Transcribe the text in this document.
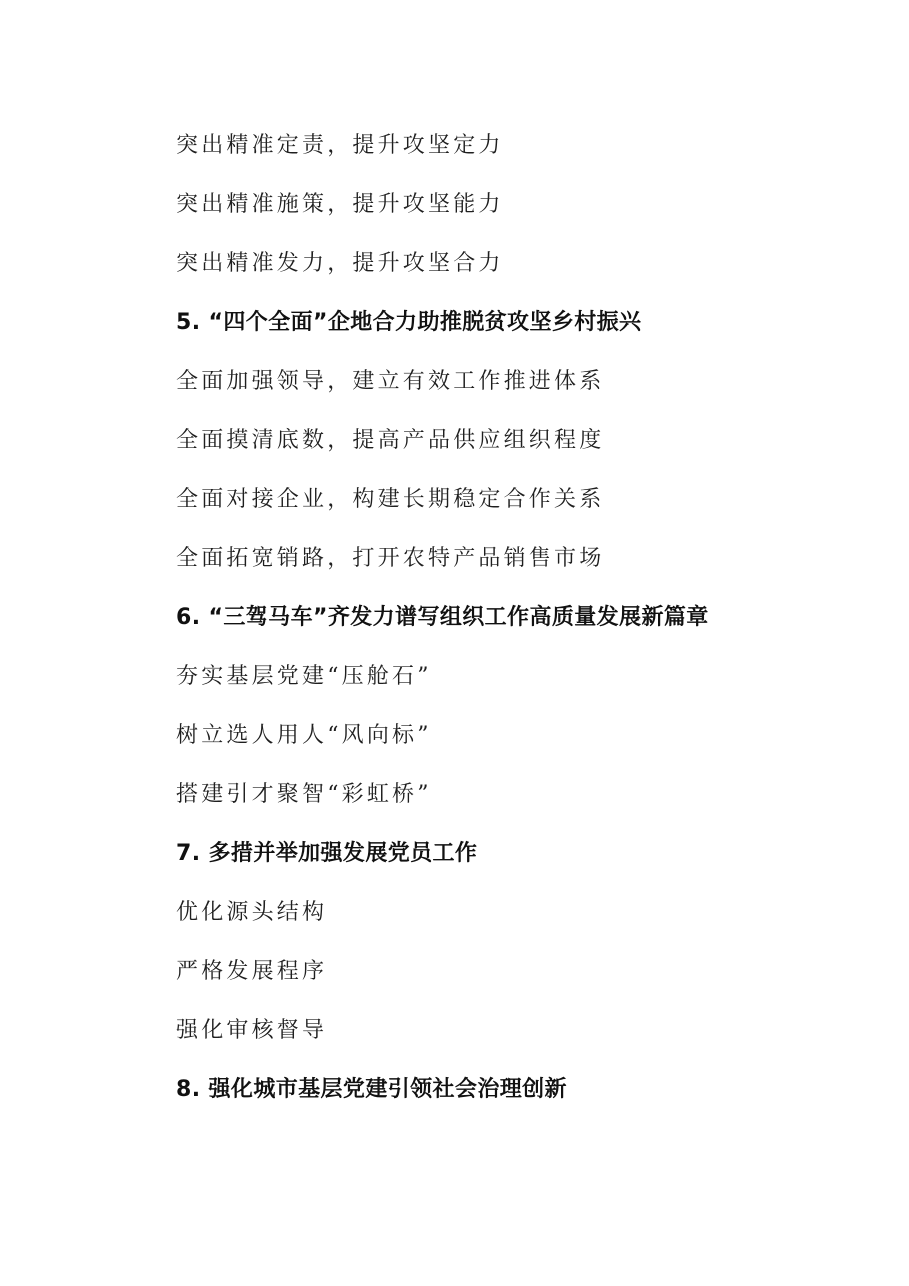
突出精准定责，提升攻坚定力
突出精准施策，提升攻坚能力
突出精准发力，提升攻坚合力
5. “四个全面”企地合力助推脱贫攻坚乡村振兴
全面加强领导，建立有效工作推进体系
全面摸清底数，提高产品供应组织程度
全面对接企业，构建长期稳定合作关系
全面拓宽销路，打开农特产品销售市场
6. “三驾马车”齐发力谱写组织工作高质量发展新篇章
夯实基层党建“压舱石”
树立选人用人“风向标”
搭建引才聚智“彩虹桥”
7. 多措并举加强发展党员工作
优化源头结构
严格发展程序
强化审核督导
8. 强化城市基层党建引领社会治理创新
